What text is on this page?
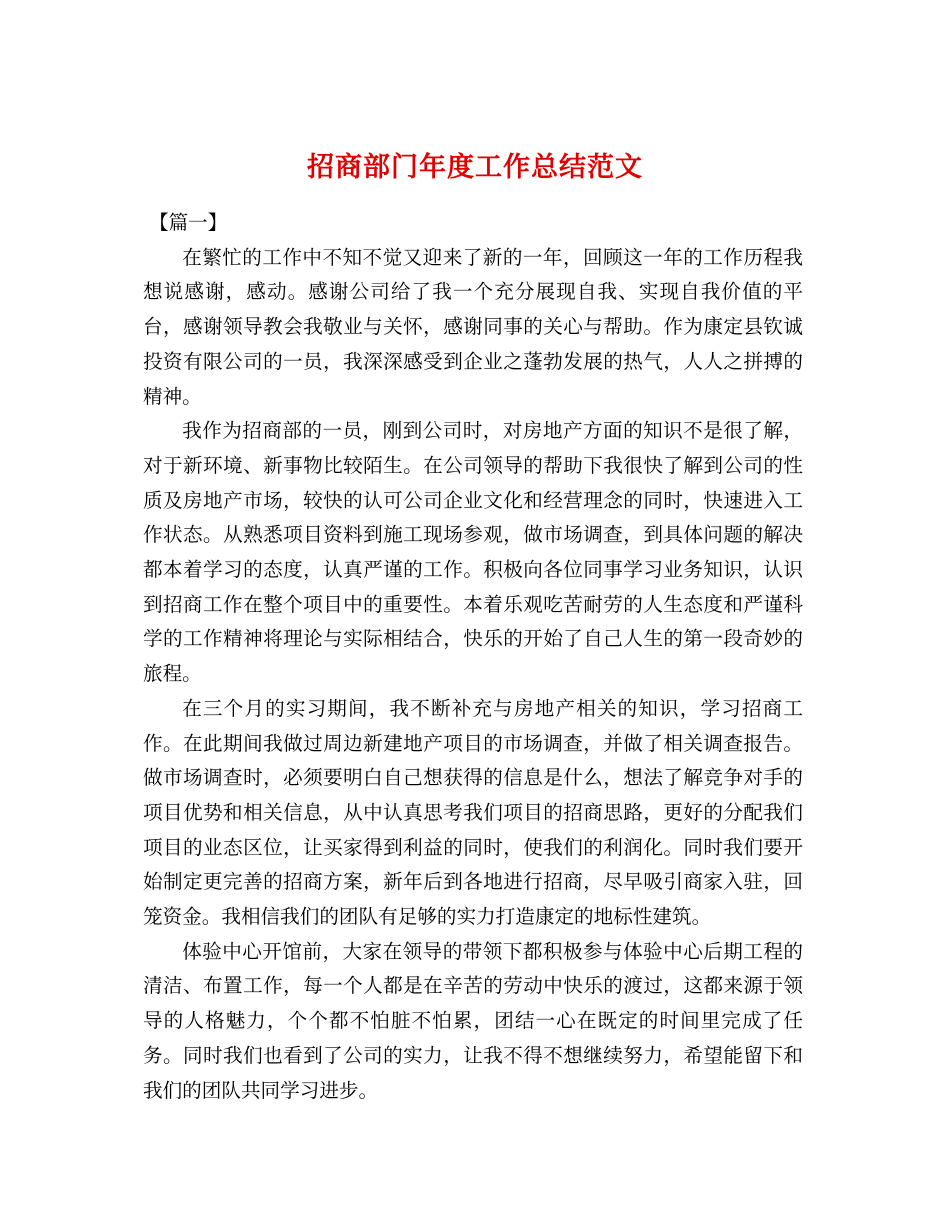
招商部门年度工作总结范文

【篇一】

在繁忙的工作中不知不觉又迎来了新的一年，回顾这一年的工作历程我想说感谢，感动。感谢公司给了我一个充分展现自我、实现自我价值的平台，感谢领导教会我敬业与关怀，感谢同事的关心与帮助。作为康定县钦诚投资有限公司的一员，我深深感受到企业之蓬勃发展的热气，人人之拼搏的精神。

我作为招商部的一员，刚到公司时，对房地产方面的知识不是很了解，对于新环境、新事物比较陌生。在公司领导的帮助下我很快了解到公司的性质及房地产市场，较快的认可公司企业文化和经营理念的同时，快速进入工作状态。从熟悉项目资料到施工现场参观，做市场调查，到具体问题的解决都本着学习的态度，认真严谨的工作。积极向各位同事学习业务知识，认识到招商工作在整个项目中的重要性。本着乐观吃苦耐劳的人生态度和严谨科学的工作精神将理论与实际相结合，快乐的开始了自己人生的第一段奇妙的旅程。

在三个月的实习期间，我不断补充与房地产相关的知识，学习招商工作。在此期间我做过周边新建地产项目的市场调查，并做了相关调查报告。做市场调查时，必须要明白自己想获得的信息是什么，想法了解竞争对手的项目优势和相关信息，从中认真思考我们项目的招商思路，更好的分配我们项目的业态区位，让买家得到利益的同时，使我们的利润化。同时我们要开始制定更完善的招商方案，新年后到各地进行招商，尽早吸引商家入驻，回笼资金。我相信我们的团队有足够的实力打造康定的地标性建筑。

体验中心开馆前，大家在领导的带领下都积极参与体验中心后期工程的清洁、布置工作，每一个人都是在辛苦的劳动中快乐的渡过，这都来源于领导的人格魅力，个个都不怕脏不怕累，团结一心在既定的时间里完成了任务。同时我们也看到了公司的实力，让我不得不想继续努力，希望能留下和我们的团队共同学习进步。
